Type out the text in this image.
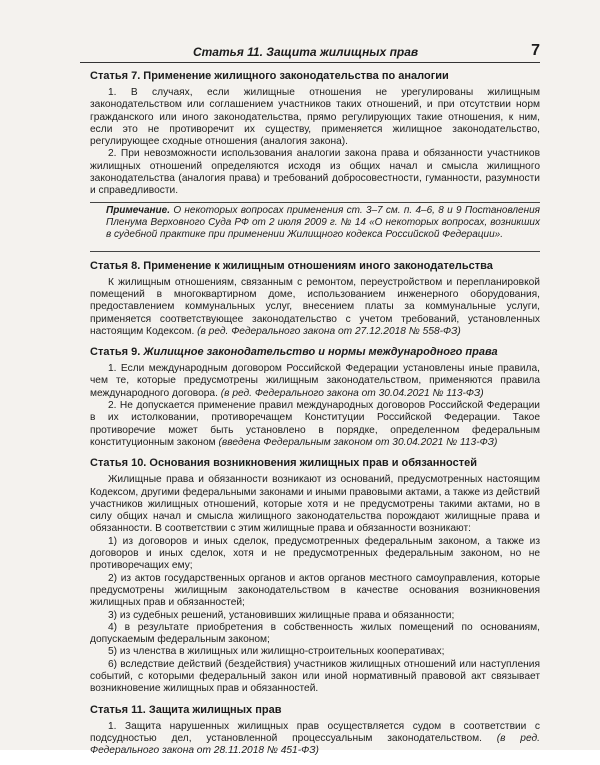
Статья 11. Защита жилищных прав	7
Статья 7. Применение жилищного законодательства по аналогии

1. В случаях, если жилищные отношения не урегулированы жилищным законодательством или соглашением участников таких отношений, и при отсутствии норм гражданского или иного законодательства, прямо регулирующих такие отношения, к ним, если это не противоречит их существу, применяется жилищное законодательство, регулирующее сходные отношения (аналогия закона).

2. При невозможности использования аналогии закона права и обязанности участников жилищных отношений определяются исходя из общих начал и смысла жилищного законодательства (аналогия права) и требований добросовестности, гуманности, разумности и справедливости.

Примечание. О некоторых вопросах применения ст. 3–7 см. п. 4–6, 8 и 9 Постановления Пленума Верховного Суда РФ от 2 июля 2009 г. № 14 «О некоторых вопросах, возникших в судебной практике при применении Жилищного кодекса Российской Федерации».
Статья 8. Применение к жилищным отношениям иного законодательства

К жилищным отношениям, связанным с ремонтом, переустройством и перепланировкой помещений в многоквартирном доме, использованием инженерного оборудования, предоставлением коммунальных услуг, внесением платы за коммунальные услуги, применяется соответствующее законодательство с учетом требований, установленных настоящим Кодексом. (в ред. Федерального закона от 27.12.2018 № 558-ФЗ)

Статья 9. Жилищное законодательство и нормы международного права

1. Если международным договором Российской Федерации установлены иные правила, чем те, которые предусмотрены жилищным законодательством, применяются правила международного договора. (в ред. Федерального закона от 30.04.2021 № 113-ФЗ)

2. Не допускается применение правил международных договоров Российской Федерации в их истолковании, противоречащем Конституции Российской Федерации. Такое противоречие может быть установлено в порядке, определенном федеральным конституционным законом (введена Федеральным законом от 30.04.2021 № 113-ФЗ)

Статья 10. Основания возникновения жилищных прав и обязанностей

Жилищные права и обязанности возникают из оснований, предусмотренных настоящим Кодексом, другими федеральными законами и иными правовыми актами, а также из действий участников жилищных отношений, которые хотя и не предусмотрены такими актами, но в силу общих начал и смысла жилищного законодательства порождают жилищные права и обязанности. В соответствии с этим жилищные права и обязанности возникают:

1) из договоров и иных сделок, предусмотренных федеральным законом, а также из договоров и иных сделок, хотя и не предусмотренных федеральным законом, но не противоречащих ему;

2) из актов государственных органов и актов органов местного самоуправления, которые предусмотрены жилищным законодательством в качестве основания возникновения жилищных прав и обязанностей;

3) из судебных решений, установивших жилищные права и обязанности;

4) в результате приобретения в собственность жилых помещений по основаниям, допускаемым федеральным законом;

5) из членства в жилищных или жилищно-строительных кооперативах;

6) вследствие действий (бездействия) участников жилищных отношений или наступления событий, с которыми федеральный закон или иной нормативный правовой акт связывает возникновение жилищных прав и обязанностей.

Статья 11. Защита жилищных прав

1. Защита нарушенных жилищных прав осуществляется судом в соответствии с подсудностью дел, установленной процессуальным законодательством. (в ред. Федерального закона от 28.11.2018 № 451-ФЗ)
